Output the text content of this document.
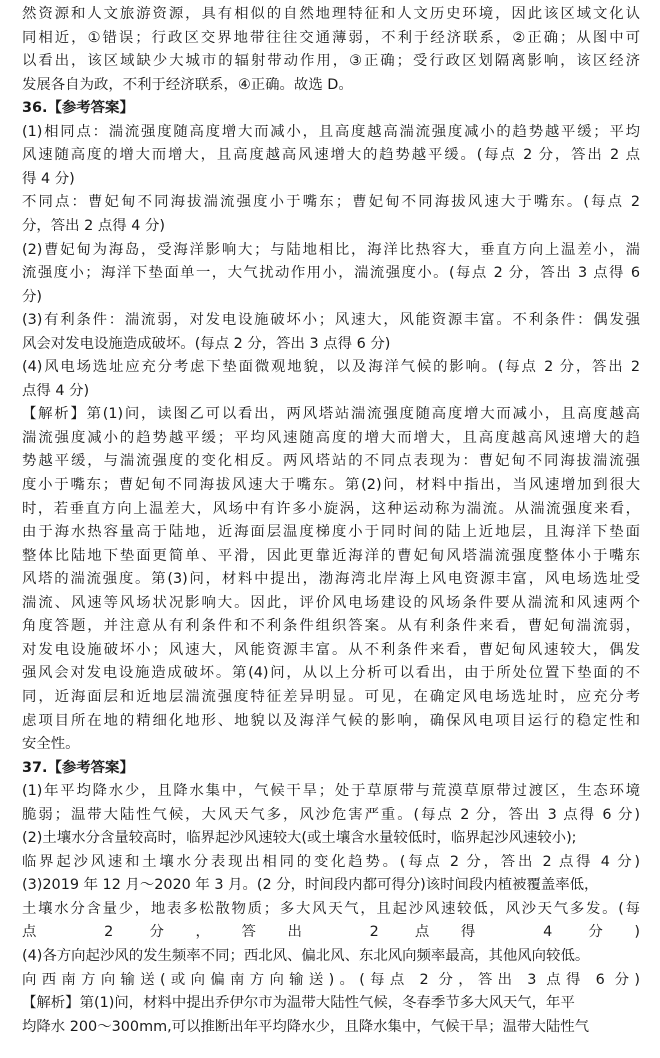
然资源和人文旅游资源，具有相似的自然地理特征和人文历史环境，因此该区域文化认
同相近，①错误；行政区交界地带往往交通薄弱，不利于经济联系，②正确；从图中可
以看出，该区域缺少大城市的辐射带动作用，③正确；受行政区划隔离影响，该区经济
发展各自为政，不利于经济联系，④正确。故选 D。
36.【参考答案】
(1)相同点：湍流强度随高度增大而减小，且高度越高湍流强度减小的趋势越平缓；平均
风速随高度的增大而增大，且高度越高风速增大的趋势越平缓。(每点 2 分，答出 2 点
得 4 分)
不同点：曹妃甸不同海拔湍流强度小于嘴东；曹妃甸不同海拔风速大于嘴东。(每点 2
分，答出 2 点得 4 分)
(2)曹妃甸为海岛，受海洋影响大；与陆地相比，海洋比热容大，垂直方向上温差小，湍
流强度小；海洋下垫面单一，大气扰动作用小，湍流强度小。(每点 2 分，答出 3 点得 6
分)
(3)有利条件：湍流弱，对发电设施破坏小；风速大，风能资源丰富。不利条件：偶发强
风会对发电设施造成破坏。(每点 2 分，答出 3 点得 6 分)
(4)风电场选址应充分考虑下垫面微观地貌，以及海洋气候的影响。(每点 2 分，答出 2
点得 4 分)
【解析】第(1)问，读图乙可以看出，两风塔站湍流强度随高度增大而减小，且高度越高
湍流强度减小的趋势越平缓；平均风速随高度的增大而增大，且高度越高风速增大的趋
势越平缓，与湍流强度的变化相反。两风塔站的不同点表现为：曹妃甸不同海拔湍流强
度小于嘴东；曹妃甸不同海拔风速大于嘴东。第(2)问，材料中指出，当风速增加到很大
时，若垂直方向上温差大，风场中有许多小旋涡，这种运动称为湍流。从湍流强度来看，
由于海水热容量高于陆地，近海面层温度梯度小于同时间的陆上近地层，且海洋下垫面
整体比陆地下垫面更简单、平滑，因此更靠近海洋的曹妃甸风塔湍流强度整体小于嘴东
风塔的湍流强度。第(3)问，材料中提出，渤海湾北岸海上风电资源丰富，风电场选址受
湍流、风速等风场状况影响大。因此，评价风电场建设的风场条件要从湍流和风速两个
角度答题，并注意从有利条件和不利条件组织答案。从有利条件来看，曹妃甸湍流弱，
对发电设施破坏小；风速大，风能资源丰富。从不利条件来看，曹妃甸风速较大，偶发
强风会对发电设施造成破坏。第(4)问，从以上分析可以看出，由于所处位置下垫面的不
同，近海面层和近地层湍流强度特征差异明显。可见，在确定风电场选址时，应充分考
虑项目所在地的精细化地形、地貌以及海洋气候的影响，确保风电项目运行的稳定性和
安全性。
37.【参考答案】
(1)年平均降水少，且降水集中，气候干旱；处于草原带与荒漠草原带过渡区，生态环境
脆弱；温带大陆性气候，大风天气多，风沙危害严重。(每点 2 分，答出 3 点得 6 分)
(2)土壤水分含量较高时，临界起沙风速较大(或土壤含水量较低时，临界起沙风速较小);
临界起沙风速和土壤水分表现出相同的变化趋势。(每点 2 分，答出 2 点得 4 分)
(3)2019 年 12 月～2020 年 3 月。(2 分，时间段内都可得分)该时间段内植被覆盖率低，
土壤水分含量少，地表多松散物质；多大风天气，且起沙风速较低，风沙天气多发。(每
点 2 分，答出 2 点得 4 分)
(4)各方向起沙风的发生频率不同；西北风、偏北风、东北风向频率最高，其他风向较低。
向西南方向输送(或向偏南方向输送)。(每点 2 分，答出 3 点得 6 分)
【解析】第(1)问，材料中提出乔伊尔市为温带大陆性气候，冬春季节多大风天气，年平
均降水 200～300mm,可以推断出年平均降水少，且降水集中，气候干旱；温带大陆性气
